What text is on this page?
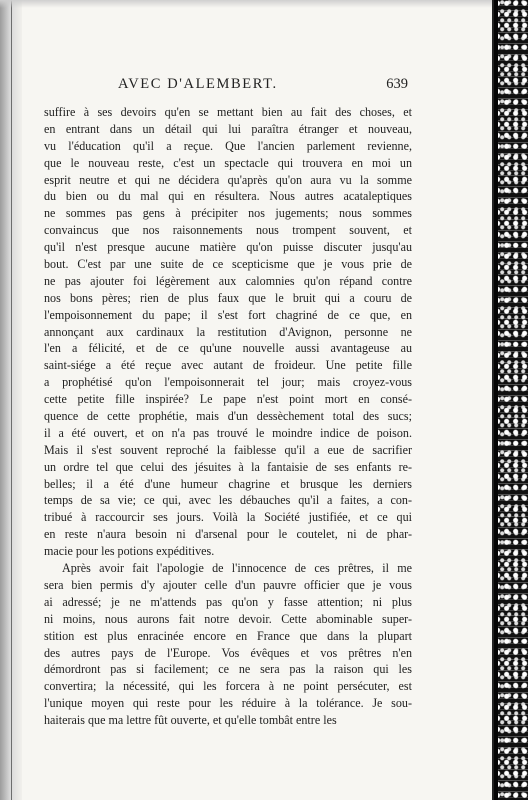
AVEC D'ALEMBERT.	639
suffire à ses devoirs qu'en se mettant bien au fait des choses, et
en entrant dans un détail qui lui paraîtra étranger et nouveau,
vu l'éducation qu'il a reçue. Que l'ancien parlement revienne,
que le nouveau reste, c'est un spectacle qui trouvera en moi un
esprit neutre et qui ne décidera qu'après qu'on aura vu la somme
du bien ou du mal qui en résultera. Nous autres acataleptiques
ne sommes pas gens à précipiter nos jugements; nous sommes
convaincus que nos raisonnements nous trompent souvent, et
qu'il n'est presque aucune matière qu'on puisse discuter jusqu'au
bout. C'est par une suite de ce scepticisme que je vous prie de
ne pas ajouter foi légèrement aux calomnies qu'on répand contre
nos bons pères; rien de plus faux que le bruit qui a couru de
l'empoisonnement du pape; il s'est fort chagriné de ce que, en
annonçant aux cardinaux la restitution d'Avignon, personne ne
l'en a félicité, et de ce qu'une nouvelle aussi avantageuse au
saint-siége a été reçue avec autant de froideur. Une petite fille
a prophétisé qu'on l'empoisonnerait tel jour; mais croyez-vous
cette petite fille inspirée? Le pape n'est point mort en consé-
quence de cette prophétie, mais d'un dessèchement total des sucs;
il a été ouvert, et on n'a pas trouvé le moindre indice de poison.
Mais il s'est souvent reproché la faiblesse qu'il a eue de sacrifier
un ordre tel que celui des jésuites à la fantaisie de ses enfants re-
belles; il a été d'une humeur chagrine et brusque les derniers
temps de sa vie; ce qui, avec les débauches qu'il a faites, a con-
tribué à raccourcir ses jours. Voilà la Société justifiée, et ce qui
en reste n'aura besoin ni d'arsenal pour le coutelet, ni de phar-
macie pour les potions expéditives.
Après avoir fait l'apologie de l'innocence de ces prêtres, il me
sera bien permis d'y ajouter celle d'un pauvre officier que je vous
ai adressé; je ne m'attends pas qu'on y fasse attention; ni plus
ni moins, nous aurons fait notre devoir. Cette abominable super-
stition est plus enracinée encore en France que dans la plupart
des autres pays de l'Europe. Vos évêques et vos prêtres n'en
démordront pas si facilement; ce ne sera pas la raison qui les
convertira; la nécessité, qui les forcera à ne point persécuter, est
l'unique moyen qui reste pour les réduire à la tolérance. Je sou-
haiterais que ma lettre fût ouverte, et qu'elle tombât entre les
